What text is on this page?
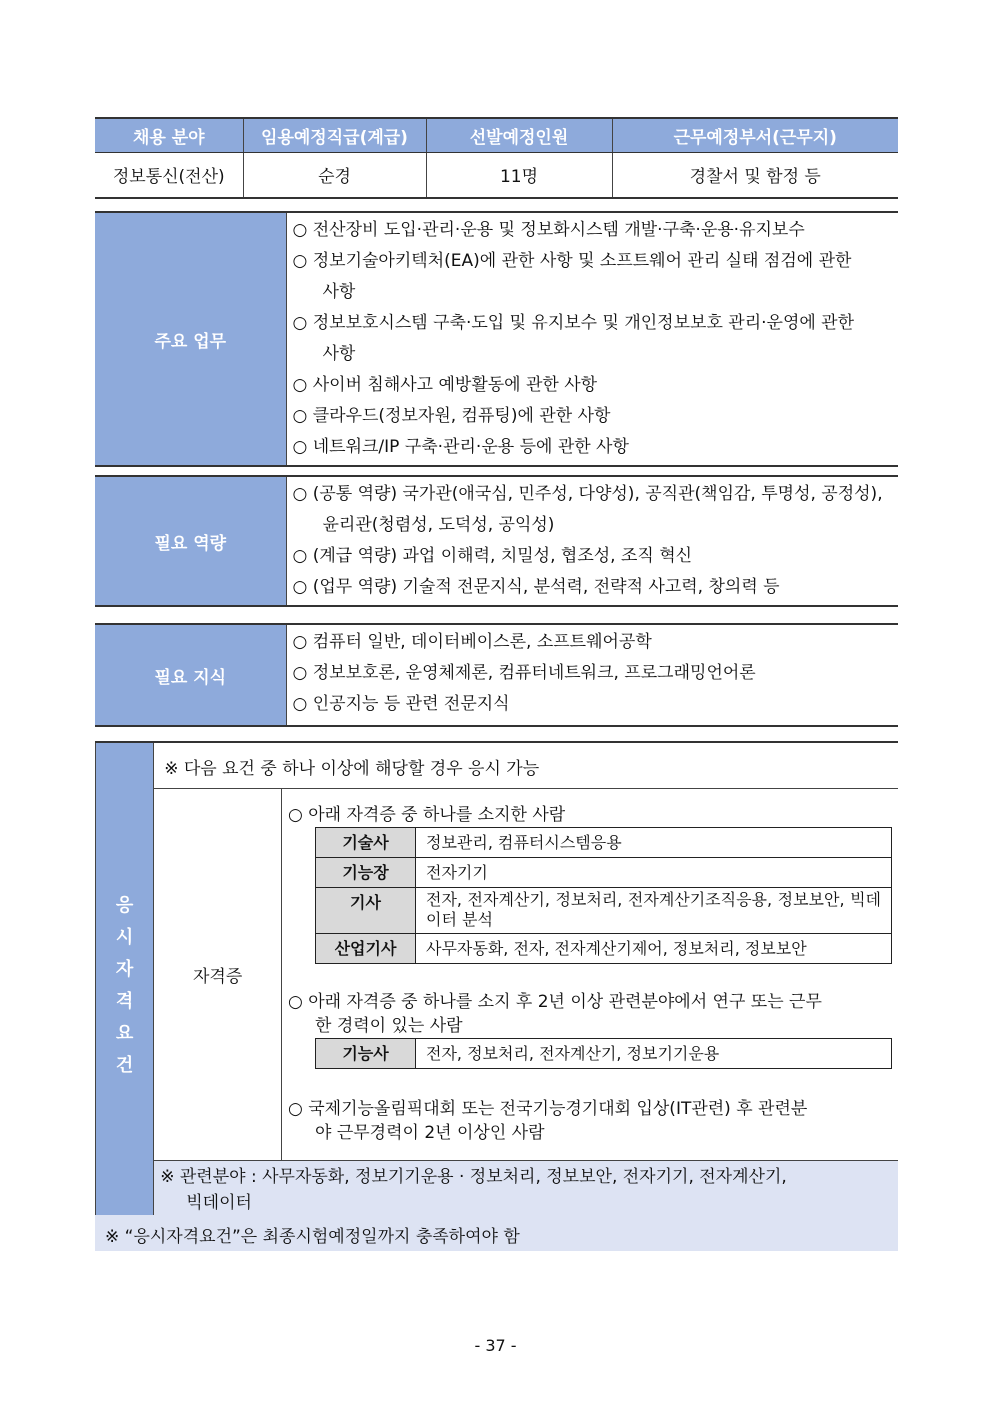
채용 분야	임용예정직급(계급)	선발예정인원	근무예정부서(근무지)
정보통신(전산)	순경	11명	경찰서 및 함정 등
주요 업무	
○ 전산장비 도입·관리·운용 및 정보화시스템 개발·구축·운용·유지보수
○ 정보기술아키텍처(EA)에 관한 사항 및 소프트웨어 관리 실태 점검에 관한
사항
○ 정보보호시스템 구축·도입 및 유지보수 및 개인정보보호 관리·운영에 관한
사항
○ 사이버 침해사고 예방활동에 관한 사항
○ 클라우드(정보자원, 컴퓨팅)에 관한 사항
○ 네트워크/IP 구축·관리·운용 등에 관한 사항
필요 역량	
○ (공통 역량) 국가관(애국심, 민주성, 다양성), 공직관(책임감, 투명성, 공정성),
윤리관(청렴성, 도덕성, 공익성)
○ (계급 역량) 과업 이해력, 치밀성, 협조성, 조직 혁신
○ (업무 역량) 기술적 전문지식, 분석력, 전략적 사고력, 창의력 등
필요 지식	
○ 컴퓨터 일반, 데이터베이스론, 소프트웨어공학
○ 정보보호론, 운영체제론, 컴퓨터네트워크, 프로그래밍언어론
○ 인공지능 등 관련 전문지식
응
시
자
격
요
건
	※ 다음 요건 중 하나 이상에 해당할 경우 응시 가능
자격증	
○ 아래 자격증 중 하나를 소지한 사람
기술사	정보관리, 컴퓨터시스템응용
기능장	전자기기
기사	전자, 전자계산기, 정보처리, 전자계산기조직응용, 정보보안, 빅데이터 분석
산업기사	사무자동화, 전자, 전자계산기제어, 정보처리, 정보보안
○ 아래 자격증 중 하나를 소지 후 2년 이상 관련분야에서 연구 또는 근무
한 경력이 있는 사람
기능사	전자, 정보처리, 전자계산기, 정보기기운용
○ 국제기능올림픽대회 또는 전국기능경기대회 입상(IT관련) 후 관련분
야 근무경력이 2년 이상인 사람

※ 관련분야 : 사무자동화, 정보기기운용 · 정보처리, 정보보안, 전자기기, 전자계산기,
빅데이터
※ “응시자격요건”은 최종시험예정일까지 충족하여야 함
- 37 -
